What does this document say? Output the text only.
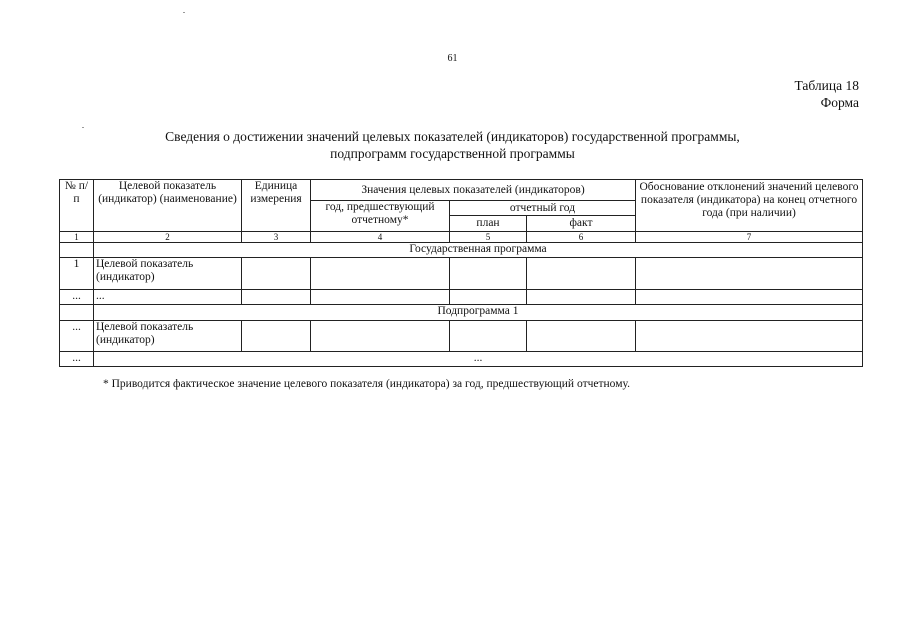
61
Таблица 18
Форма
Сведения о достижении значений целевых показателей (индикаторов) государственной программы,
подпрограмм государственной программы
№ п/п	Целевой показатель (индикатор) (наименование)	Единица измерения	Значения целевых показателей (индикаторов)			Обоснование отклонений значений целевого показателя (индикатора) на конец отчетного года (при наличии)
			год, предшествующий отчетному*	отчетный год		
				план	факт	
1	2	3	4	5	6	7
	Государственная программа					
1	Целевой показатель (индикатор)					
...	...					
	Подпрограмма 1					
...	Целевой показатель (индикатор)					
...	...					
* Приводится фактическое значение целевого показателя (индикатора) за год, предшествующий отчетному.
